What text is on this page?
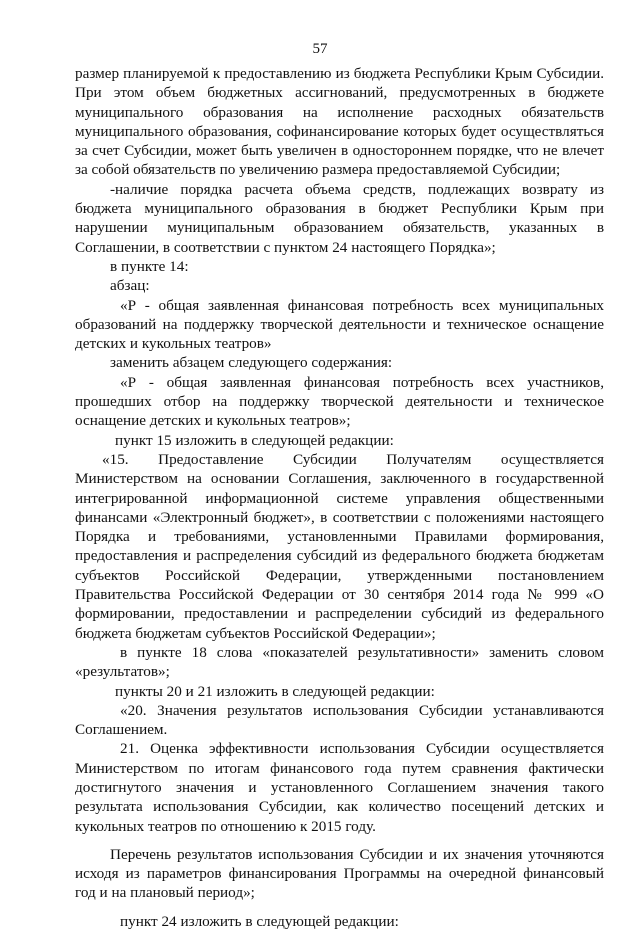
57

размер планируемой к предоставлению из бюджета Республики Крым Субсидии. При этом объем бюджетных ассигнований, предусмотренных в бюджете муниципального образования на исполнение расходных обязательств муниципального образования, софинансирование которых будет осуществляться за счет Субсидии, может быть увеличен в одностороннем порядке, что не влечет за собой обязательств по увеличению размера предоставляемой Субсидии;

-наличие порядка расчета объема средств, подлежащих возврату из бюджета муниципального образования в бюджет Республики Крым при нарушении муниципальным образованием обязательств, указанных в Соглашении, в соответствии с пунктом 24 настоящего Порядка»;

в пункте 14:

абзац:

«Р - общая заявленная финансовая потребность всех муниципальных образований на поддержку творческой деятельности и техническое оснащение детских и кукольных театров»

заменить абзацем следующего содержания:

«Р - общая заявленная финансовая потребность всех участников, прошедших отбор на поддержку творческой деятельности и техническое оснащение детских и кукольных театров»;

пункт 15 изложить в следующей редакции:

«15. Предоставление Субсидии Получателям осуществляется Министерством на основании Соглашения, заключенного в государственной интегрированной информационной системе управления общественными финансами «Электронный бюджет», в соответствии с положениями настоящего Порядка и требованиями, установленными Правилами формирования, предоставления и распределения субсидий из федерального бюджета бюджетам субъектов Российской Федерации, утвержденными постановлением Правительства Российской Федерации от 30 сентября 2014 года № 999 «О формировании, предоставлении и распределении субсидий из федерального бюджета бюджетам субъектов Российской Федерации»;

в пункте 18 слова «показателей результативности» заменить словом «результатов»;

пункты 20 и 21 изложить в следующей редакции:

«20. Значения результатов использования Субсидии устанавливаются Соглашением.

21. Оценка эффективности использования Субсидии осуществляется Министерством по итогам финансового года путем сравнения фактически достигнутого значения и установленного Соглашением значения такого результата использования Субсидии, как количество посещений детских и кукольных театров по отношению к 2015 году.

Перечень результатов использования Субсидии и их значения уточняются исходя из параметров финансирования Программы на очередной финансовый год и на плановый период»;

пункт 24 изложить в следующей редакции:
